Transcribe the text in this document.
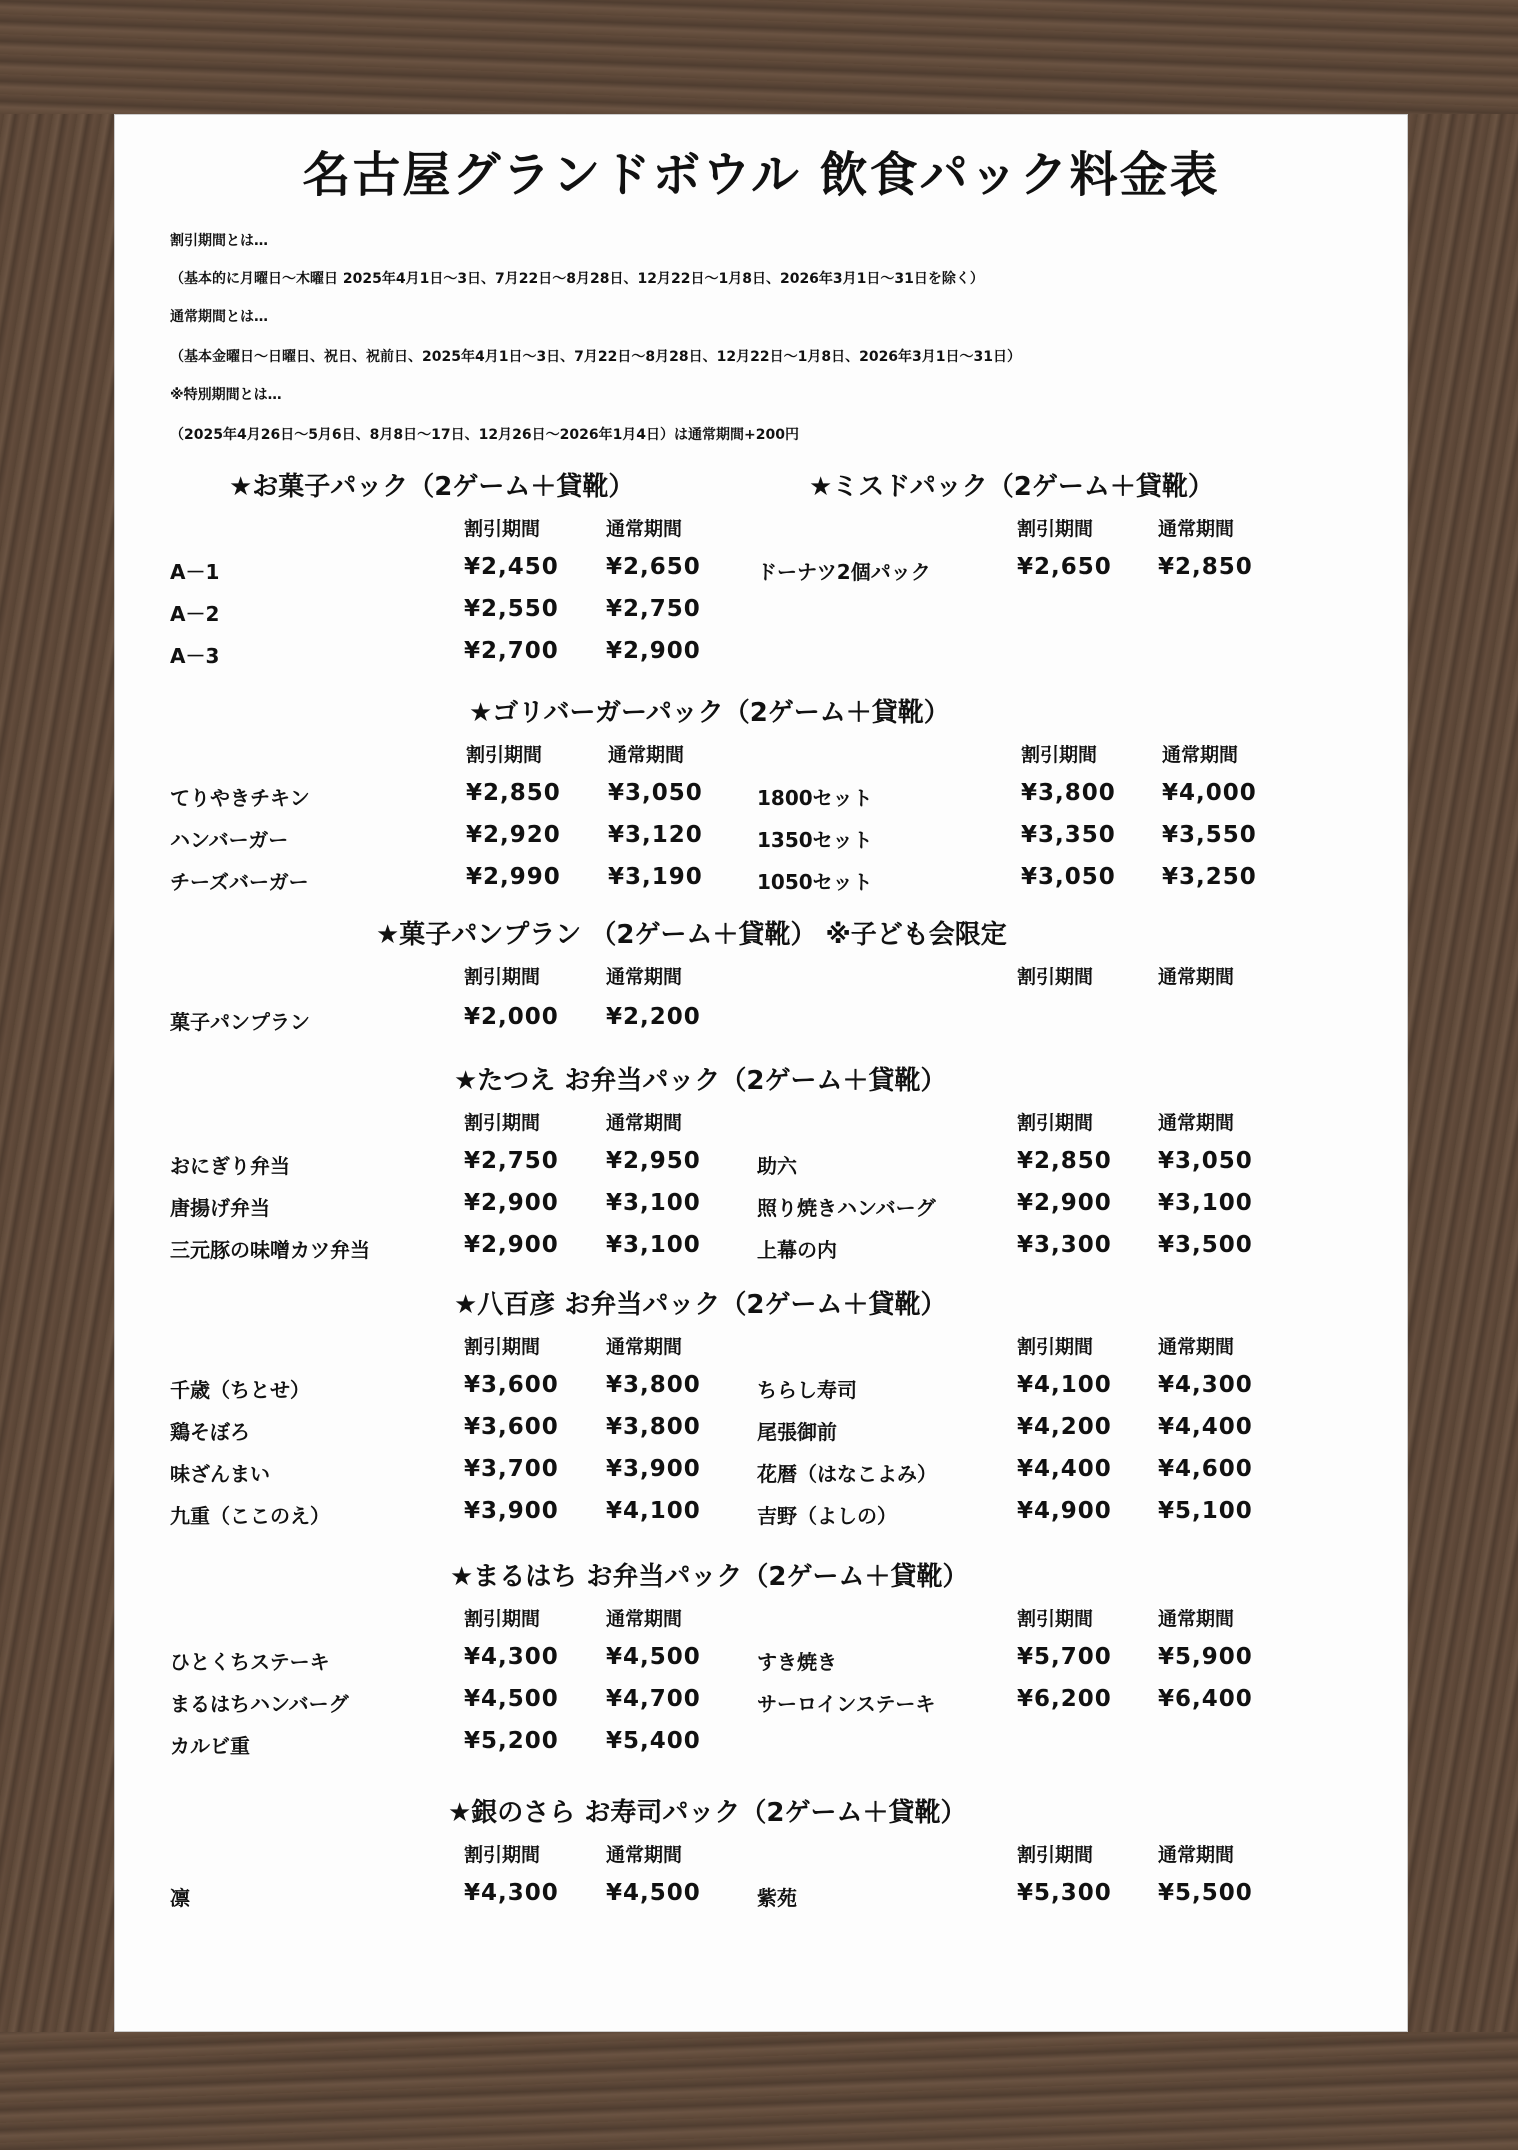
名古屋グランドボウル 飲食パック料金表
割引期間とは…
（基本的に月曜日～木曜日 2025年4月1日～3日、7月22日～8月28日、12月22日～1月8日、2026年3月1日～31日を除く）
通常期間とは…
（基本金曜日～日曜日、祝日、祝前日、2025年4月1日～3日、7月22日～8月28日、12月22日～1月8日、2026年3月1日～31日）
※特別期間とは…
（2025年4月26日～5月6日、8月8日～17日、12月26日～2026年1月4日）は通常期間+200円
★お菓子パック（2ゲーム＋貸靴）	★ミスドパック（2ゲーム＋貸靴）
割引期間	通常期間	割引期間	通常期間
A－1	¥2,450 ¥2,650
A－2	¥2,550 ¥2,750
A－3	¥2,700 ¥2,900
ドーナツ2個パック	¥2,650 ¥2,850
★ゴリバーガーパック（2ゲーム＋貸靴）
割引期間	通常期間	割引期間	通常期間
てりやきチキン	¥2,850 ¥3,050	1800セット	¥3,800 ¥4,000
ハンバーガー	¥2,920 ¥3,120	1350セット	¥3,350 ¥3,550
チーズバーガー	¥2,990 ¥3,190	1050セット	¥3,050 ¥3,250
★菓子パンプラン （2ゲーム＋貸靴） ※子ども会限定
割引期間	通常期間	割引期間	通常期間
菓子パンプラン	¥2,000 ¥2,200
★たつえ お弁当パック（2ゲーム＋貸靴）
割引期間	通常期間	割引期間	通常期間
おにぎり弁当	¥2,750 ¥2,950	助六	¥2,850 ¥3,050
唐揚げ弁当	¥2,900 ¥3,100	照り焼きハンバーグ	¥2,900 ¥3,100
三元豚の味噌カツ弁当	¥2,900 ¥3,100	上幕の内	¥3,300 ¥3,500
★八百彦 お弁当パック（2ゲーム＋貸靴）
割引期間	通常期間	割引期間	通常期間
千歳（ちとせ）	¥3,600 ¥3,800	ちらし寿司	¥4,100 ¥4,300
鶏そぼろ	¥3,600 ¥3,800	尾張御前	¥4,200 ¥4,400
味ざんまい	¥3,700 ¥3,900	花暦（はなこよみ）	¥4,400 ¥4,600
九重（ここのえ）	¥3,900 ¥4,100	吉野（よしの）	¥4,900 ¥5,100
★まるはち お弁当パック（2ゲーム＋貸靴）
割引期間	通常期間	割引期間	通常期間
ひとくちステーキ	¥4,300 ¥4,500	すき焼き	¥5,700 ¥5,900
まるはちハンバーグ	¥4,500 ¥4,700	サーロインステーキ	¥6,200 ¥6,400
カルビ重	¥5,200 ¥5,400
★銀のさら お寿司パック（2ゲーム＋貸靴）
割引期間	通常期間	割引期間	通常期間
凛	¥4,300 ¥4,500	紫苑	¥5,300 ¥5,500
